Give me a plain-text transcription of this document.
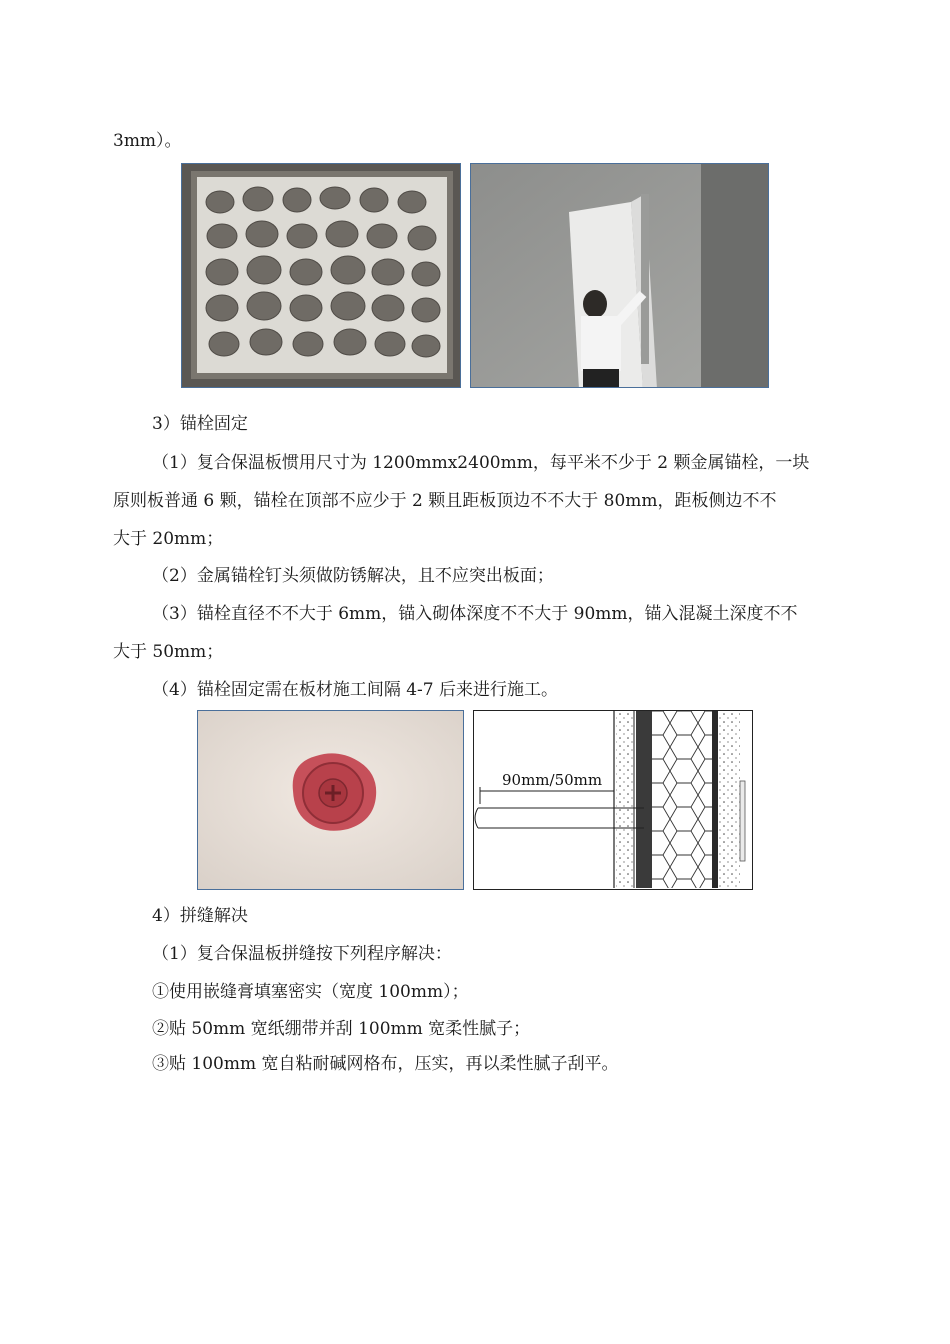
3mm）。
3）锚栓固定
（1）复合保温板惯用尺寸为 1200mmx2400mm，每平米不少于 2 颗金属锚栓，一块
原则板普通 6 颗，锚栓在顶部不应少于 2 颗且距板顶边不不大于 80mm，距板侧边不不
大于 20mm；
（2）金属锚栓钉头须做防锈解决，且不应突出板面；
（3）锚栓直径不不大于 6mm，锚入砌体深度不不大于 90mm，锚入混凝土深度不不
大于 50mm；
（4）锚栓固定需在板材施工间隔 4-7 后来进行施工。
90mm/50mm
4）拼缝解决
（1）复合保温板拼缝按下列程序解决：
①使用嵌缝膏填塞密实（宽度 100mm）；
②贴 50mm 宽纸绷带并刮 100mm 宽柔性腻子；
③贴 100mm 宽自粘耐碱网格布，压实，再以柔性腻子刮平。
